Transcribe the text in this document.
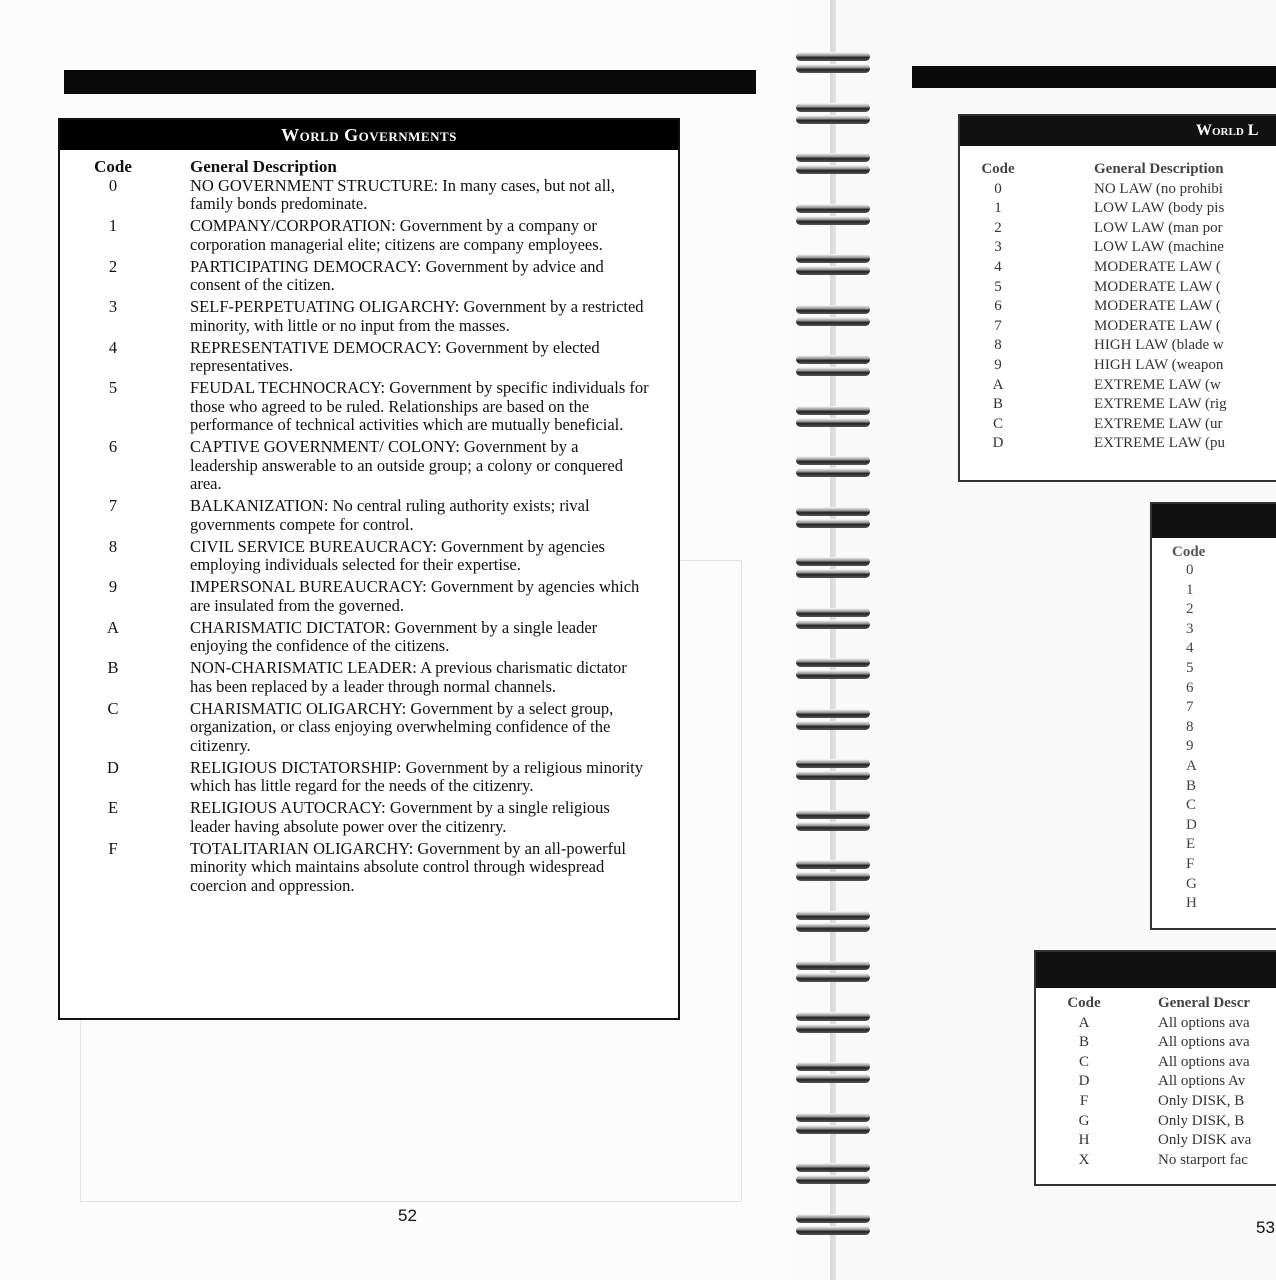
World Governments
Code	General Description
0	NO GOVERNMENT STRUCTURE: In many cases, but not all, family bonds predominate.
1	COMPANY/CORPORATION: Government by a company or corporation managerial elite; citizens are company employees.
2	PARTICIPATING DEMOCRACY: Government by advice and consent of the citizen.
3	SELF-PERPETUATING OLIGARCHY: Government by a restricted minority, with little or no input from the masses.
4	REPRESENTATIVE DEMOCRACY: Government by elected representatives.
5	FEUDAL TECHNOCRACY: Government by specific individuals for those who agreed to be ruled. Relationships are based on the performance of technical activities which are mutually beneficial.
6	CAPTIVE GOVERNMENT/ COLONY: Government by a leadership answerable to an outside group; a colony or conquered area.
7	BALKANIZATION: No central ruling authority exists; rival governments compete for control.
8	CIVIL SERVICE BUREAUCRACY: Government by agencies employing individuals selected for their expertise.
9	IMPERSONAL BUREAUCRACY: Government by agencies which are insulated from the governed.
A	CHARISMATIC DICTATOR: Government by a single leader enjoying the confidence of the citizens.
B	NON-CHARISMATIC LEADER: A previous charismatic dictator has been replaced by a leader through normal channels.
C	CHARISMATIC OLIGARCHY: Government by a select group, organization, or class enjoying overwhelming confidence of the citizenry.
D	RELIGIOUS DICTATORSHIP: Government by a religious minority which has little regard for the needs of the citizenry.
E	RELIGIOUS AUTOCRACY: Government by a single religious leader having absolute power over the citizenry.
F	TOTALITARIAN OLIGARCHY: Government by an all-powerful minority which maintains absolute control through widespread coercion and oppression.
52
World L
Code	General Description
0	NO LAW (no prohibi
1	LOW LAW (body pis
2	LOW LAW (man por
3	LOW LAW (machine
4	MODERATE LAW (
5	MODERATE LAW (
6	MODERATE LAW (
7	MODERATE LAW (
8	HIGH LAW (blade w
9	HIGH LAW (weapon
A	EXTREME LAW (w
B	EXTREME LAW (rig
C	EXTREME LAW (ur
D	EXTREME LAW (pu
Code
0
1
2
3
4
5
6
7
8
9
A
B
C
D
E
F
G
H
Code	General Descr
A	All options ava
B	All options ava
C	All options ava
D	All options Av
F	Only DISK, B
G	Only DISK, B
H	Only DISK ava
X	No starport fac
53
